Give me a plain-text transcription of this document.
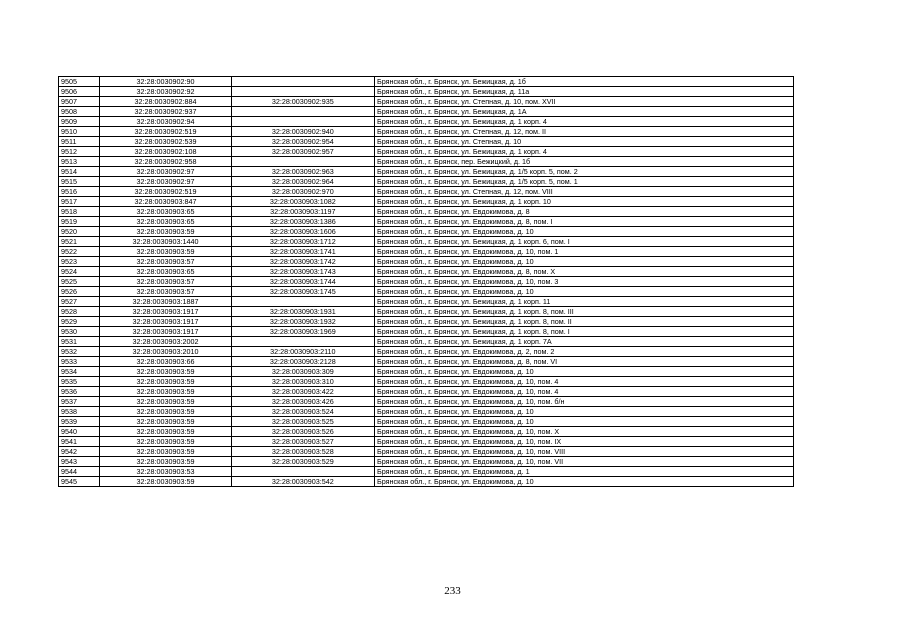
9505	32:28:0030902:90		Брянская обл., г. Брянск, ул. Бежицкая, д. 1б
9506	32:28:0030902:92		Брянская обл., г. Брянск, ул. Бежицкая, д. 11а
9507	32:28:0030902:884	32:28:0030902:935	Брянская обл., г. Брянск, ул. Степная, д. 10, пом. XVII
9508	32:28:0030902:937		Брянская обл., г. Брянск, ул. Бежицкая, д. 1А
9509	32:28:0030902:94		Брянская обл., г. Брянск, ул. Бежицкая, д. 1 корп. 4
9510	32:28:0030902:519	32:28:0030902:940	Брянская обл., г. Брянск, ул. Степная, д. 12, пом. II
9511	32:28:0030902:539	32:28:0030902:954	Брянская обл., г. Брянск, ул. Степная, д. 10
9512	32:28:0030902:108	32:28:0030902:957	Брянская обл., г. Брянск, ул. Бежицкая, д. 1 корп. 4
9513	32:28:0030902:958		Брянская обл., г. Брянск, пер. Бежицкий, д. 1б
9514	32:28:0030902:97	32:28:0030902:963	Брянская обл., г. Брянск, ул. Бежицкая, д. 1/5 корп. 5, пом. 2
9515	32:28:0030902:97	32:28:0030902:964	Брянская обл., г. Брянск, ул. Бежицкая, д. 1/5 корп. 5, пом. 1
9516	32:28:0030902:519	32:28:0030902:970	Брянская обл., г. Брянск, ул. Степная, д. 12, пом. VIII
9517	32:28:0030903:847	32:28:0030903:1082	Брянская обл., г. Брянск, ул. Бежицкая, д. 1 корп. 10
9518	32:28:0030903:65	32:28:0030903:1197	Брянская обл., г. Брянск, ул. Евдокимова, д. 8
9519	32:28:0030903:65	32:28:0030903:1386	Брянская обл., г. Брянск, ул. Евдокимова, д. 8, пом. I
9520	32:28:0030903:59	32:28:0030903:1606	Брянская обл., г. Брянск, ул. Евдокимова, д. 10
9521	32:28:0030903:1440	32:28:0030903:1712	Брянская обл., г. Брянск, ул. Бежицкая, д. 1 корп. 6, пом. I
9522	32:28:0030903:59	32:28:0030903:1741	Брянская обл., г. Брянск, ул. Евдокимова, д. 10, пом. 1
9523	32:28:0030903:57	32:28:0030903:1742	Брянская обл., г. Брянск, ул. Евдокимова, д. 10
9524	32:28:0030903:65	32:28:0030903:1743	Брянская обл., г. Брянск, ул. Евдокимова, д. 8, пом. X
9525	32:28:0030903:57	32:28:0030903:1744	Брянская обл., г. Брянск, ул. Евдокимова, д. 10, пом. 3
9526	32:28:0030903:57	32:28:0030903:1745	Брянская обл., г. Брянск, ул. Евдокимова, д. 10
9527	32:28:0030903:1887		Брянская обл., г. Брянск, ул. Бежицкая, д. 1 корп. 11
9528	32:28:0030903:1917	32:28:0030903:1931	Брянская обл., г. Брянск, ул. Бежицкая, д. 1 корп. 8, пом. III
9529	32:28:0030903:1917	32:28:0030903:1932	Брянская обл., г. Брянск, ул. Бежицкая, д. 1 корп. 8, пом. II
9530	32:28:0030903:1917	32:28:0030903:1969	Брянская обл., г. Брянск, ул. Бежицкая, д. 1 корп. 8, пом. I
9531	32:28:0030903:2002		Брянская обл., г. Брянск, ул. Бежицкая, д. 1 корп. 7А
9532	32:28:0030903:2010	32:28:0030903:2110	Брянская обл., г. Брянск, ул. Евдокимова, д. 2, пом. 2
9533	32:28:0030903:66	32:28:0030903:2128	Брянская обл., г. Брянск, ул. Евдокимова, д. 8, пом. VI
9534	32:28:0030903:59	32:28:0030903:309	Брянская обл., г. Брянск, ул. Евдокимова, д. 10
9535	32:28:0030903:59	32:28:0030903:310	Брянская обл., г. Брянск, ул. Евдокимова, д. 10, пом. 4
9536	32:28:0030903:59	32:28:0030903:422	Брянская обл., г. Брянск, ул. Евдокимова, д. 10, пом. 4
9537	32:28:0030903:59	32:28:0030903:426	Брянская обл., г. Брянск, ул. Евдокимова, д. 10, пом. б/н
9538	32:28:0030903:59	32:28:0030903:524	Брянская обл., г. Брянск, ул. Евдокимова, д. 10
9539	32:28:0030903:59	32:28:0030903:525	Брянская обл., г. Брянск, ул. Евдокимова, д. 10
9540	32:28:0030903:59	32:28:0030903:526	Брянская обл., г. Брянск, ул. Евдокимова, д. 10, пом. X
9541	32:28:0030903:59	32:28:0030903:527	Брянская обл., г. Брянск, ул. Евдокимова, д. 10, пом. IX
9542	32:28:0030903:59	32:28:0030903:528	Брянская обл., г. Брянск, ул. Евдокимова, д. 10, пом. VIII
9543	32:28:0030903:59	32:28:0030903:529	Брянская обл., г. Брянск, ул. Евдокимова, д. 10, пом. VII
9544	32:28:0030903:53		Брянская обл., г. Брянск, ул. Евдокимова, д. 1
9545	32:28:0030903:59	32:28:0030903:542	Брянская обл., г. Брянск, ул. Евдокимова, д. 10
233
